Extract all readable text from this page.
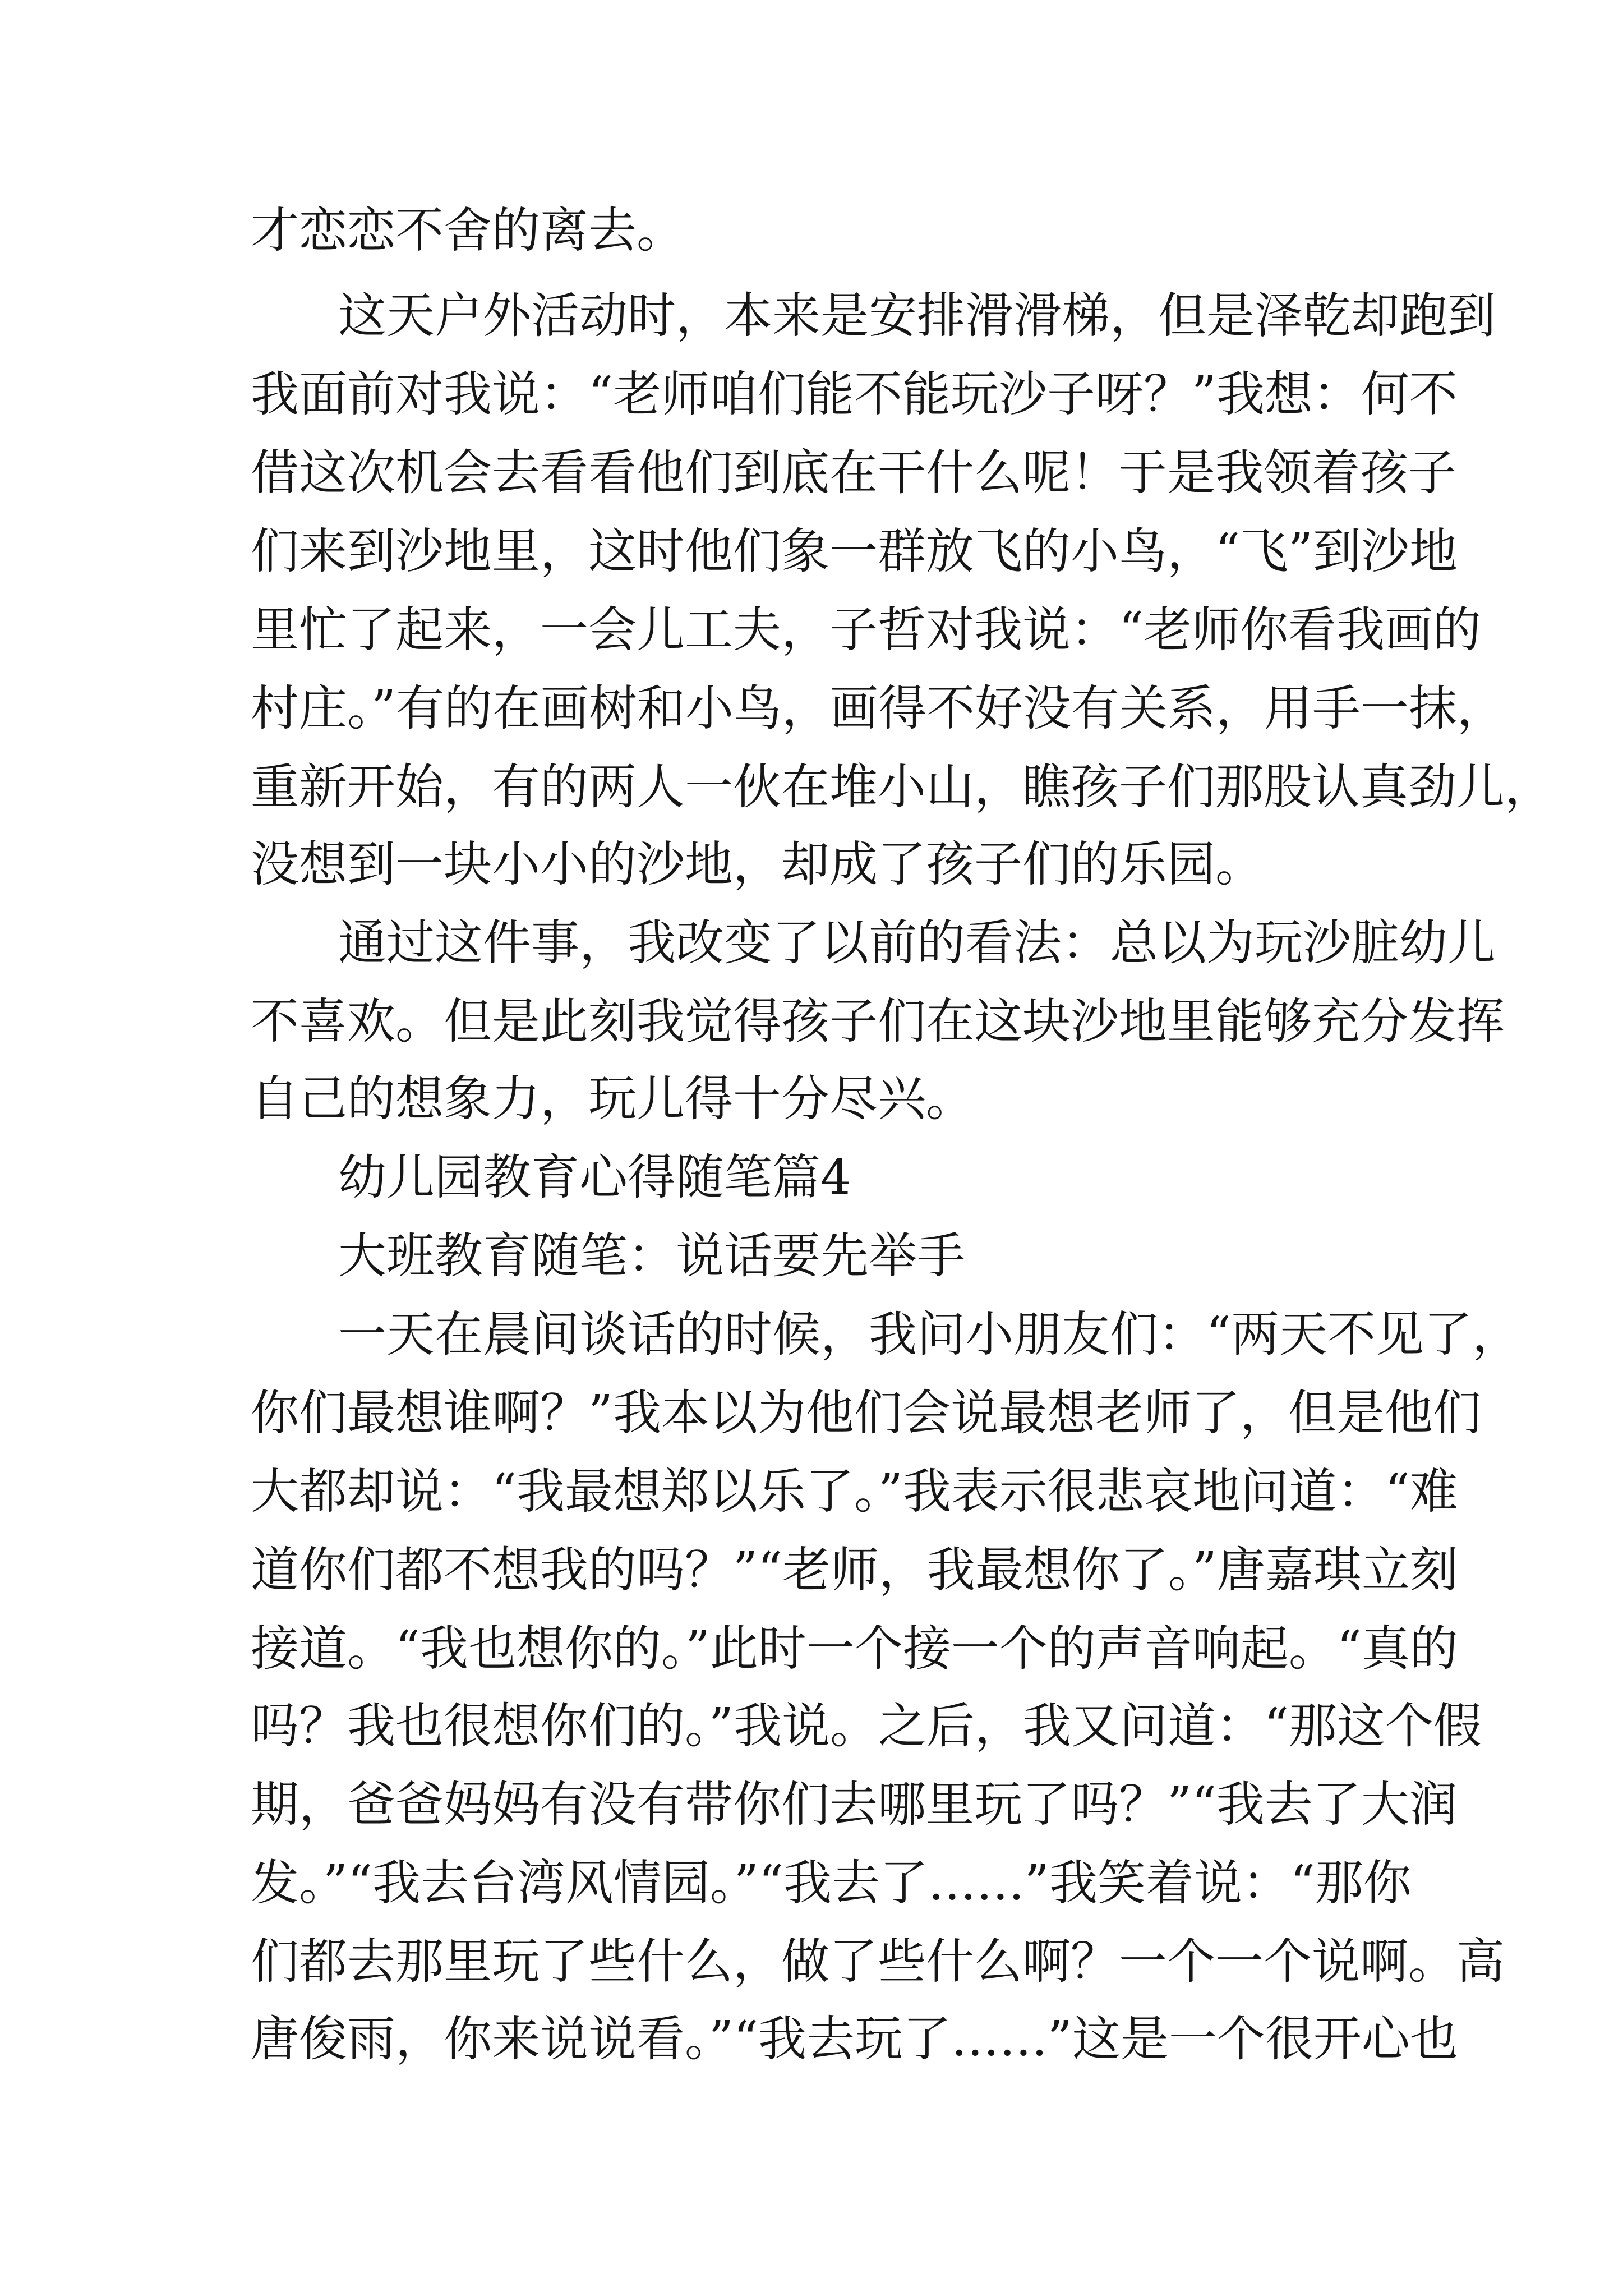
才恋恋不舍的离去。
这天户外活动时，本来是安排滑滑梯，但是泽乾却跑到
我面前对我说：“老师咱们能不能玩沙子呀？”我想：何不
借这次机会去看看他们到底在干什么呢！于是我领着孩子
们来到沙地里，这时他们象一群放飞的小鸟，“飞”到沙地
里忙了起来，一会儿工夫，子哲对我说：“老师你看我画的
村庄。”有的在画树和小鸟，画得不好没有关系，用手一抹，
重新开始，有的两人一伙在堆小山，瞧孩子们那股认真劲儿，
没想到一块小小的沙地，却成了孩子们的乐园。
通过这件事，我改变了以前的看法：总以为玩沙脏幼儿
不喜欢。但是此刻我觉得孩子们在这块沙地里能够充分发挥
自己的想象力，玩儿得十分尽兴。
幼儿园教育心得随笔篇4
大班教育随笔：说话要先举手
一天在晨间谈话的时候，我问小朋友们：“两天不见了，
你们最想谁啊？”我本以为他们会说最想老师了，但是他们
大都却说：“我最想郑以乐了。”我表示很悲哀地问道：“难
道你们都不想我的吗？”“老师，我最想你了。”唐嘉琪立刻
接道。“我也想你的。”此时一个接一个的声音响起。“真的
吗？我也很想你们的。”我说。之后，我又问道：“那这个假
期，爸爸妈妈有没有带你们去哪里玩了吗？”“我去了大润
发。”“我去台湾风情园。”“我去了……”我笑着说：“那你
们都去那里玩了些什么，做了些什么啊？一个一个说啊。高
唐俊雨，你来说说看。”“我去玩了……”这是一个很开心也
